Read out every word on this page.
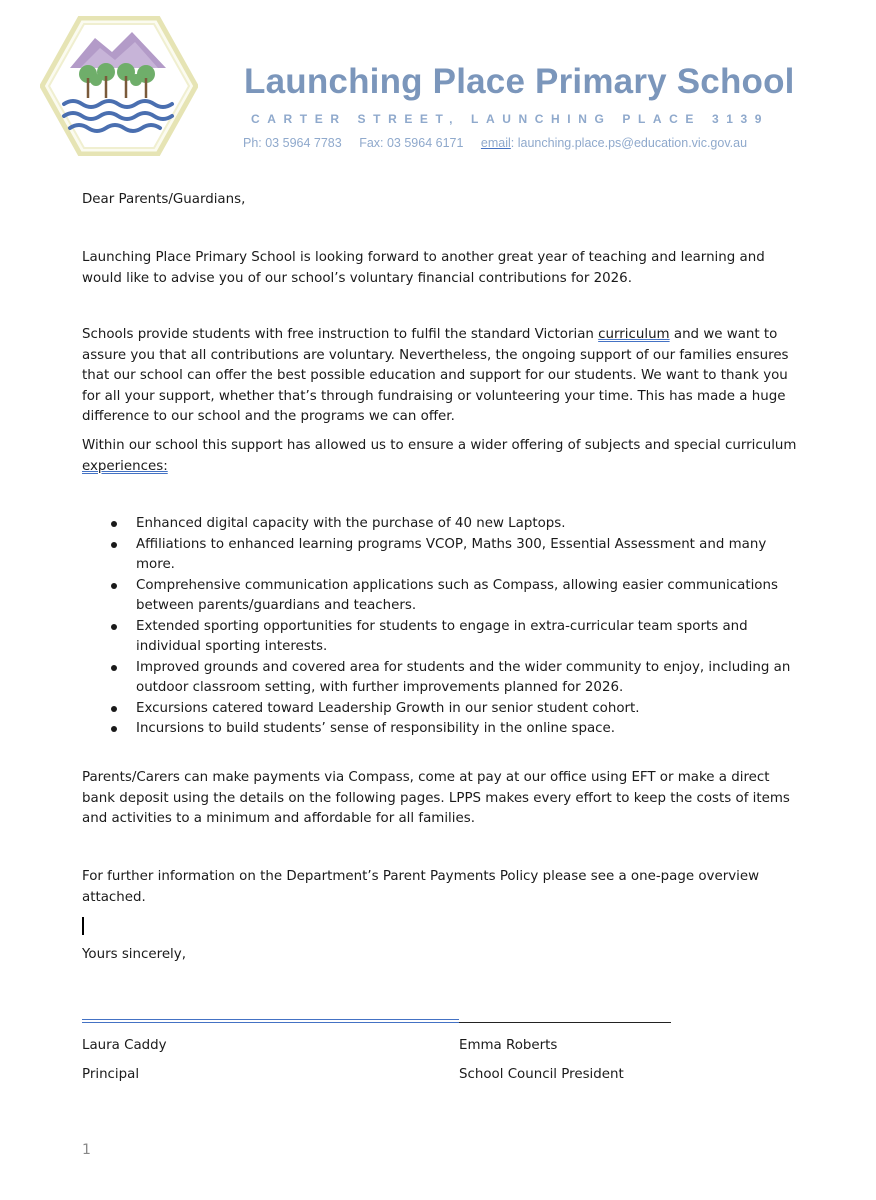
Launching Place Primary School
CARTER STREET, LAUNCHING PLACE 3139
Ph: 03 5964 7783 Fax: 03 5964 6171 email: launching.place.ps@education.vic.gov.au
Dear Parents/Guardians,
Launching Place Primary School is looking forward to another great year of teaching and learning and would like to advise you of our school’s voluntary financial contributions for 2026.
Schools provide students with free instruction to fulfil the standard Victorian curriculum and we want to assure you that all contributions are voluntary. Nevertheless, the ongoing support of our families ensures that our school can offer the best possible education and support for our students. We want to thank you for all your support, whether that’s through fundraising or volunteering your time. This has made a huge difference to our school and the programs we can offer.
Within our school this support has allowed us to ensure a wider offering of subjects and special curriculum experiences:
Enhanced digital capacity with the purchase of 40 new Laptops.
Affiliations to enhanced learning programs VCOP, Maths 300, Essential Assessment and many more.
Comprehensive communication applications such as Compass, allowing easier communications between parents/guardians and teachers.
Extended sporting opportunities for students to engage in extra-curricular team sports and individual sporting interests.
Improved grounds and covered area for students and the wider community to enjoy, including an outdoor classroom setting, with further improvements planned for 2026.
Excursions catered toward Leadership Growth in our senior student cohort.
Incursions to build students’ sense of responsibility in the online space.
Parents/Carers can make payments via Compass, come at pay at our office using EFT or make a direct bank deposit using the details on the following pages. LPPS makes every effort to keep the costs of items and activities to a minimum and affordable for all families.
For further information on the Department’s Parent Payments Policy please see a one-page overview attached.
Yours sincerely,
Laura Caddy
Principal
Emma Roberts
School Council President
1
